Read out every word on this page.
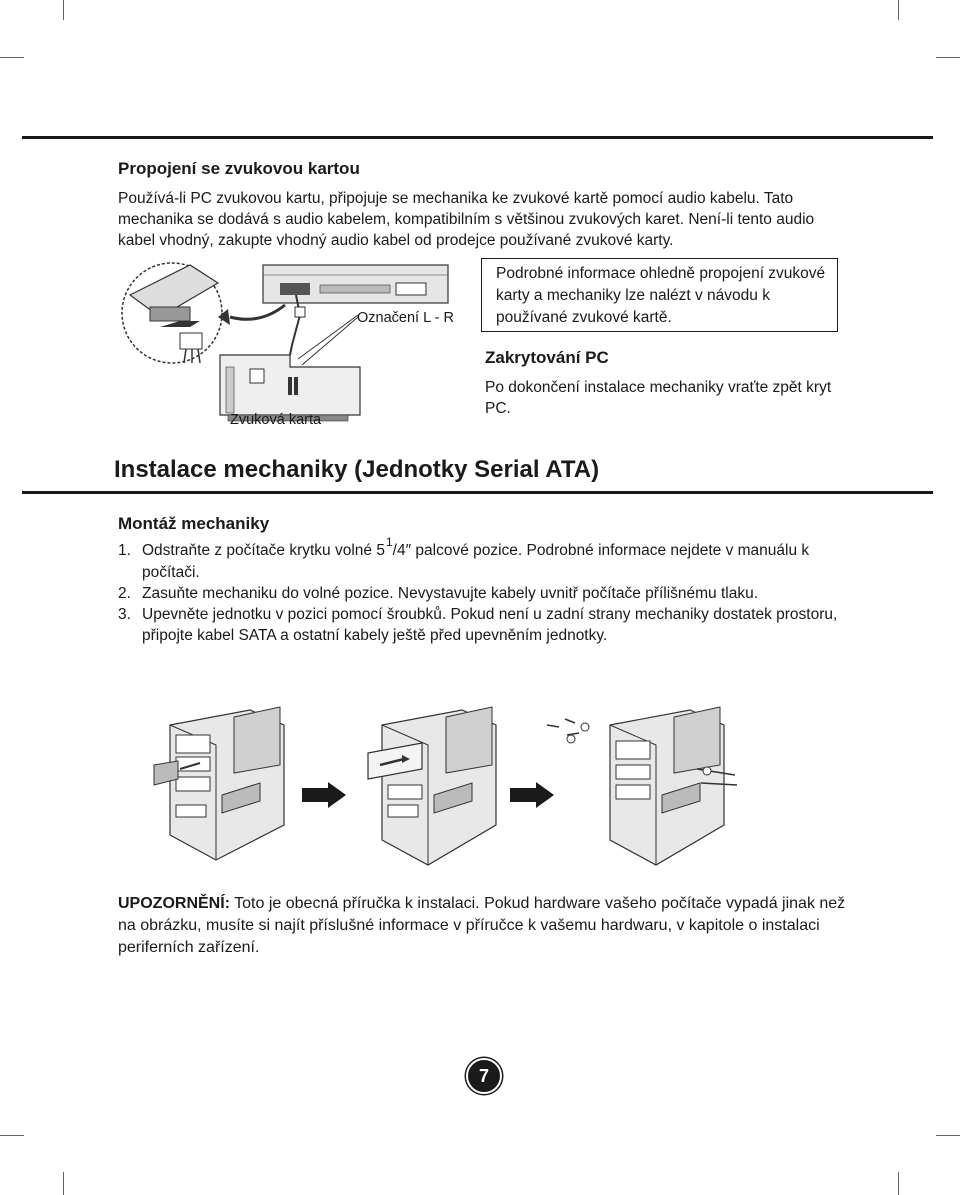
Propojení se zvukovou kartou
Používá-li PC zvukovou kartu, připojuje se mechanika ke zvukové kartě pomocí audio kabelu. Tato mechanika se dodává s audio kabelem, kompatibilním s většinou zvukových karet. Není-li tento audio kabel vhodný, zakupte vhodný audio kabel od prodejce používané zvukové karty.
Označení L - R
Zvuková karta
Podrobné informace ohledně propojení zvukové karty a mechaniky lze nalézt v návodu k používané zvukové kartě.
Zakrytování PC
Po dokončení instalace mechaniky vraťte zpět kryt PC.
Instalace mechaniky (Jednotky Serial ATA)
Montáž mechaniky
1. Odstraňte z počítače krytku volné $5^1/4''$ palcové pozice. Podrobné informace nejdete v manuálu k počítači.
2. Zasuňte mechaniku do volné pozice. Nevystavujte kabely uvnitř počítače přílišnému tlaku.
3. Upevněte jednotku v pozici pomocí šroubků. Pokud není u zadní strany mechaniky dostatek prostoru, připojte kabel SATA a ostatní kabely ještě před upevněním jednotky.
UPOZORNĚNÍ: Toto je obecná příručka k instalaci. Pokud hardware vašeho počítače vypadá jinak než na obrázku, musíte si najít příslušné informace v příručce k vašemu hardwaru, v kapitole o instalaci periferních zařízení.
7
